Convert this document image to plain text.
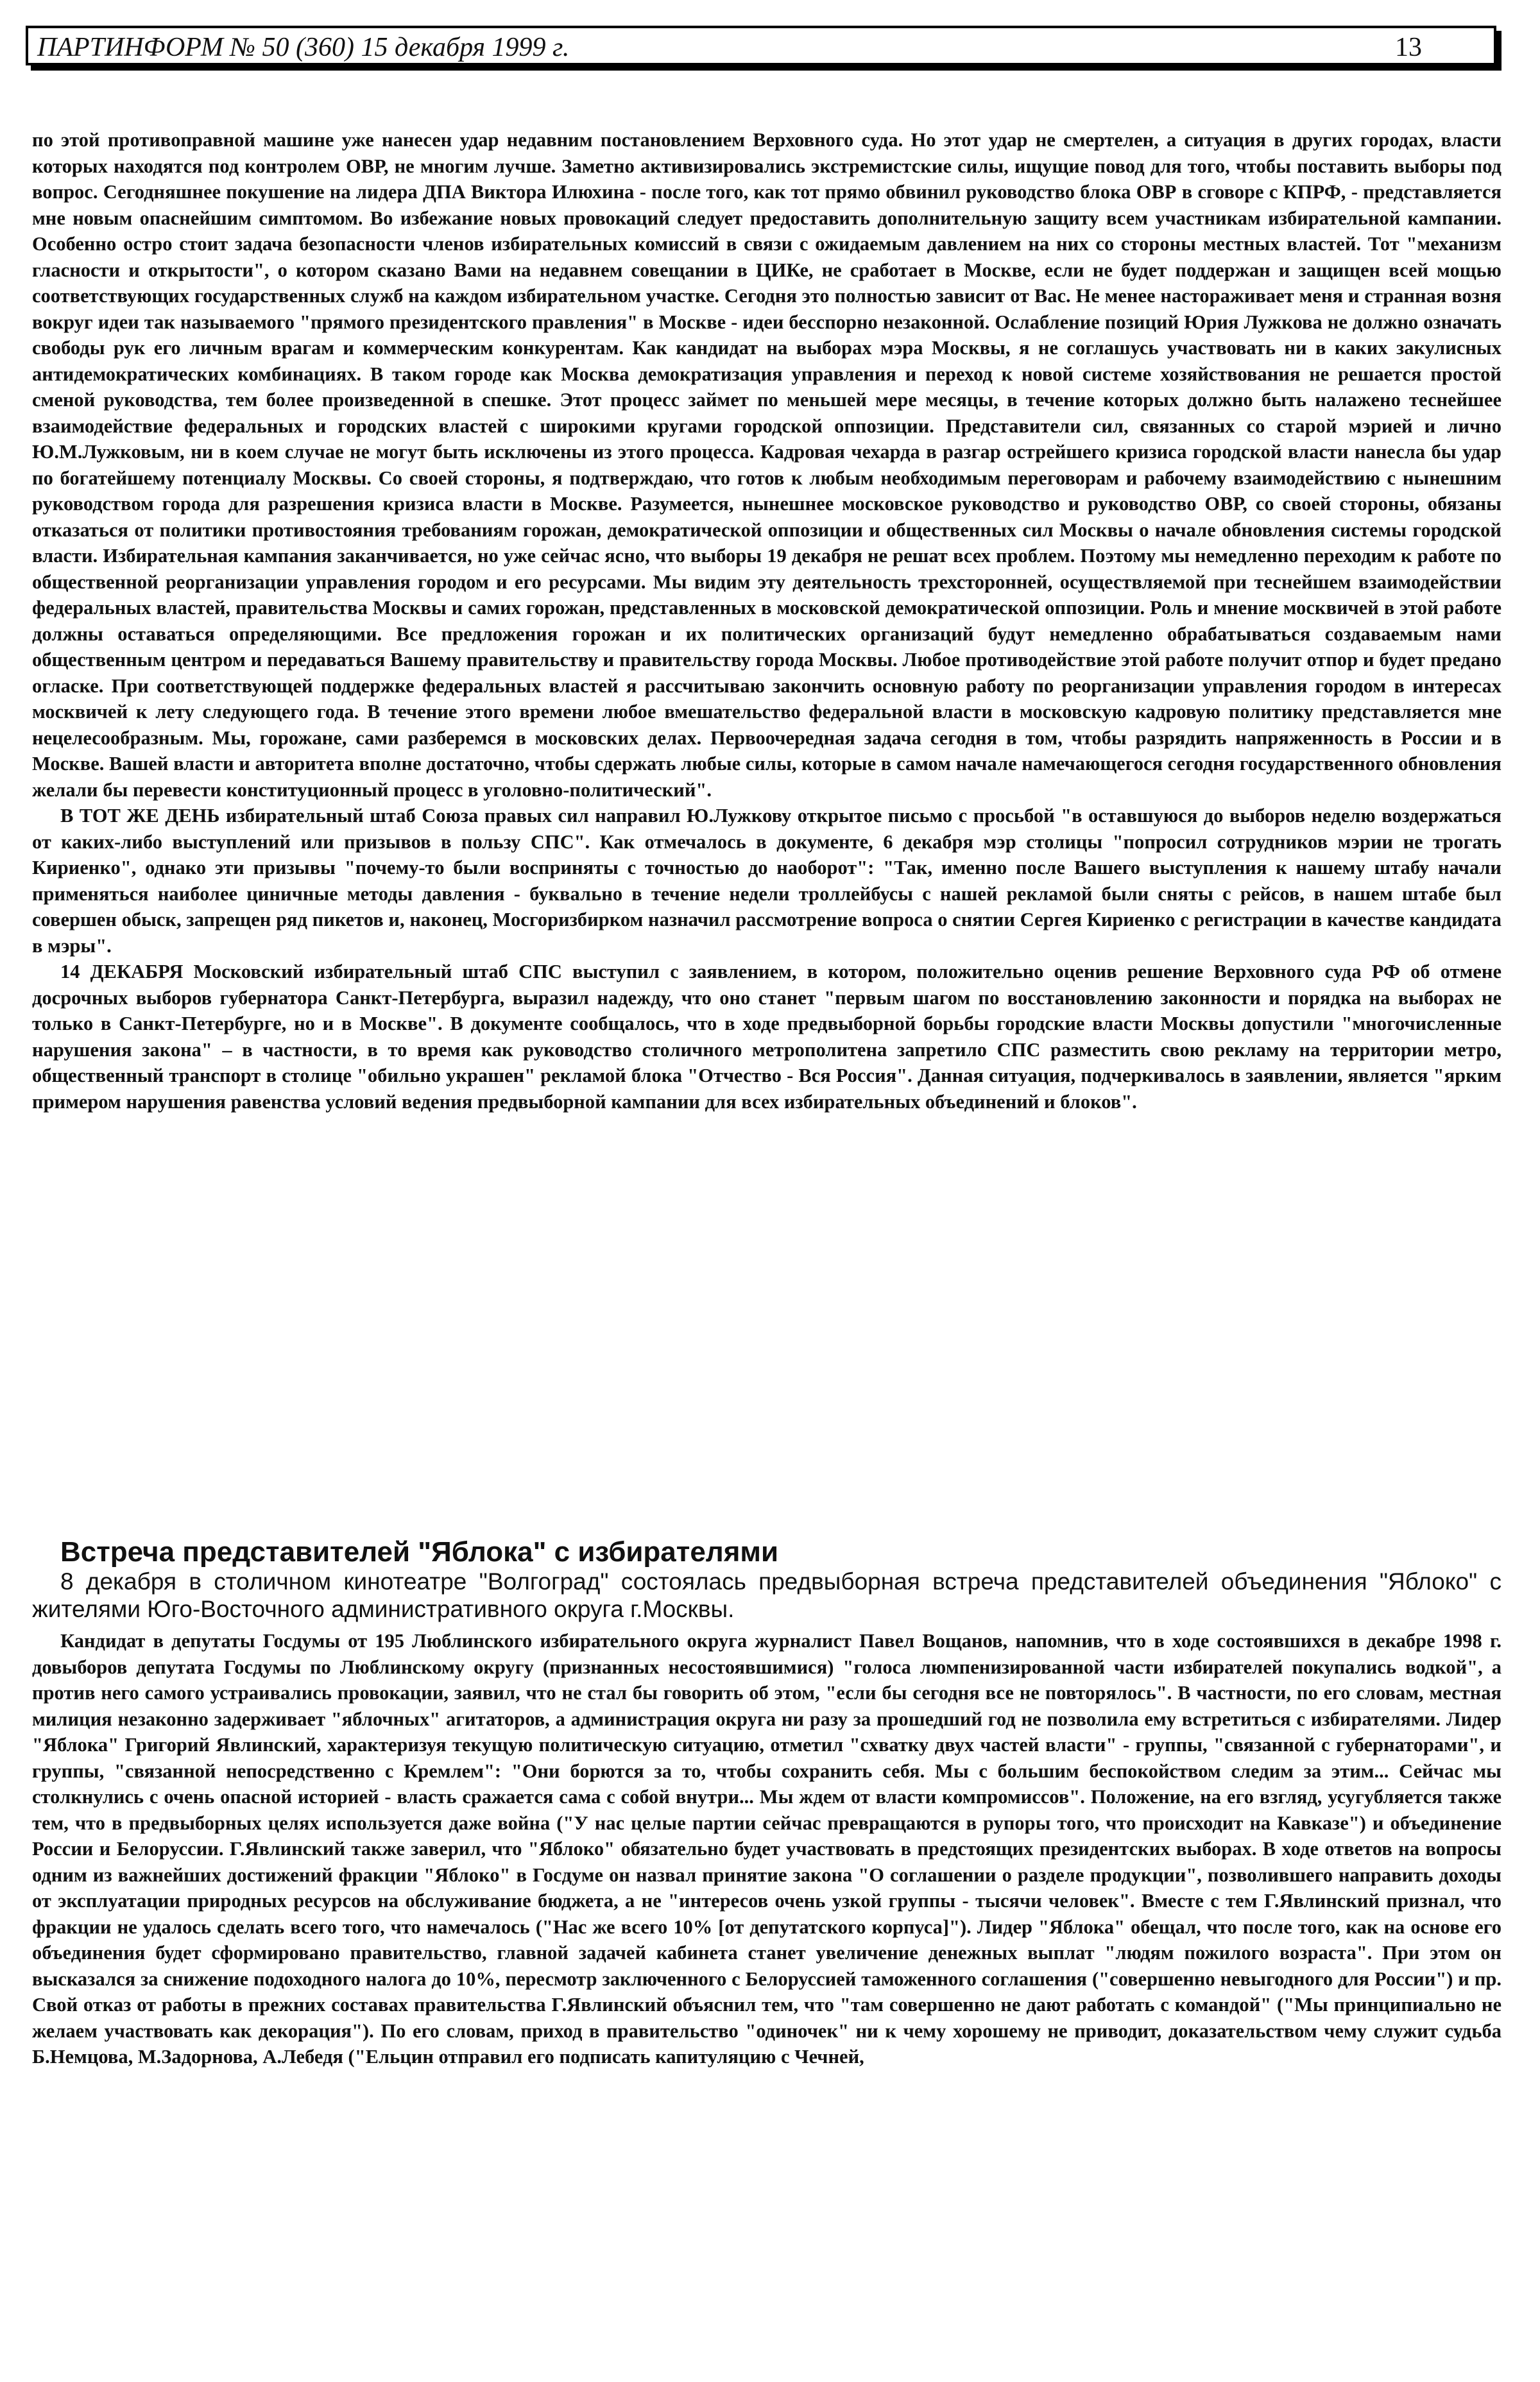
ПАРТИНФОРМ № 50 (360) 15 декабря 1999 г.	13

по этой противоправной машине уже нанесен удар недавним постановлением Верховного суда. Но этот удар не смертелен, а ситуация в других городах, власти которых находятся под контролем ОВР, не многим лучше. Заметно активизировались экстремистские силы, ищущие повод для того, чтобы поставить выборы под вопрос. Сегодняшнее покушение на лидера ДПА Виктора Илюхина - после того, как тот прямо обвинил руководство блока ОВР в сговоре с КПРФ, - представляется мне новым опаснейшим симптомом. Во избежание новых провокаций следует предоставить дополнительную защиту всем участникам избирательной кампании. Особенно остро стоит задача безопасности членов избирательных комиссий в связи с ожидаемым давлением на них со стороны местных властей. Тот "механизм гласности и открытости", о котором сказано Вами на недавнем совещании в ЦИКе, не сработает в Москве, если не будет поддержан и защищен всей мощью соответствующих государственных служб на каждом избирательном участке. Сегодня это полностью зависит от Вас. Не менее настораживает меня и странная возня вокруг идеи так называемого "прямого президентского правления" в Москве - идеи бесспорно незаконной. Ослабление позиций Юрия Лужкова не должно означать свободы рук его личным врагам и коммерческим конкурентам. Как кандидат на выборах мэра Москвы, я не соглашусь участвовать ни в каких закулисных антидемократических комбинациях. В таком городе как Москва демократизация управления и переход к новой системе хозяйствования не решается простой сменой руководства, тем более произведенной в спешке. Этот процесс займет по меньшей мере месяцы, в течение которых должно быть налажено теснейшее взаимодействие федеральных и городских властей с широкими кругами городской оппозиции. Представители сил, связанных со старой мэрией и лично Ю.М.Лужковым, ни в коем случае не могут быть исключены из этого процесса. Кадровая чехарда в разгар острейшего кризиса городской власти нанесла бы удар по богатейшему потенциалу Москвы. Со своей стороны, я подтверждаю, что готов к любым необходимым переговорам и рабочему взаимодействию с нынешним руководством города для разрешения кризиса власти в Москве. Разумеется, нынешнее московское руководство и руководство ОВР, со своей стороны, обязаны отказаться от политики противостояния требованиям горожан, демократической оппозиции и общественных сил Москвы о начале обновления системы городской власти. Избирательная кампания заканчивается, но уже сейчас ясно, что выборы 19 декабря не решат всех проблем. Поэтому мы немедленно переходим к работе по общественной реорганизации управления городом и его ресурсами. Мы видим эту деятельность трехсторонней, осуществляемой при теснейшем взаимодействии федеральных властей, правительства Москвы и самих горожан, представленных в московской демократической оппозиции. Роль и мнение москвичей в этой работе должны оставаться определяющими. Все предложения горожан и их политических организаций будут немедленно обрабатываться создаваемым нами общественным центром и передаваться Вашему правительству и правительству города Москвы. Любое противодействие этой работе получит отпор и будет предано огласке. При соответствующей поддержке федеральных властей я рассчитываю закончить основную работу по реорганизации управления городом в интересах москвичей к лету следующего года. В течение этого времени любое вмешательство федеральной власти в московскую кадровую политику представляется мне нецелесообразным. Мы, горожане, сами разберемся в московских делах. Первоочередная задача сегодня в том, чтобы разрядить напряженность в России и в Москве. Вашей власти и авторитета вполне достаточно, чтобы сдержать любые силы, которые в самом начале намечающегося сегодня государственного обновления желали бы перевести конституционный процесс в уголовно-политический".

В ТОТ ЖЕ ДЕНЬ избирательный штаб Союза правых сил направил Ю.Лужкову открытое письмо с просьбой "в оставшуюся до выборов неделю воздержаться от каких-либо выступлений или призывов в пользу СПС". Как отмечалось в документе, 6 декабря мэр столицы "попросил сотрудников мэрии не трогать Кириенко", однако эти призывы "почему-то были восприняты с точностью до наоборот": "Так, именно после Вашего выступления к нашему штабу начали применяться наиболее циничные методы давления - буквально в течение недели троллейбусы с нашей рекламой были сняты с рейсов, в нашем штабе был совершен обыск, запрещен ряд пикетов и, наконец, Мосгоризбирком назначил рассмотрение вопроса о снятии Сергея Кириенко с регистрации в качестве кандидата в мэры".

14 ДЕКАБРЯ Московский избирательный штаб СПС выступил с заявлением, в котором, положительно оценив решение Верховного суда РФ об отмене досрочных выборов губернатора Санкт-Петербурга, выразил надежду, что оно станет "первым шагом по восстановлению законности и порядка на выборах не только в Санкт-Петербурге, но и в Москве". В документе сообщалось, что в ходе предвыборной борьбы городские власти Москвы допустили "многочисленные нарушения закона" – в частности, в то время как руководство столичного метрополитена запретило СПС разместить свою рекламу на территории метро, общественный транспорт в столице "обильно украшен" рекламой блока "Отчество - Вся Россия". Данная ситуация, подчеркивалось в заявлении, является "ярким примером нарушения равенства условий ведения предвыборной кампании для всех избирательных объединений и блоков".

Встреча представителей "Яблока" с избирателями

8 декабря в столичном кинотеатре "Волгоград" состоялась предвыборная встреча представителей объединения "Яблоко" с жителями Юго-Восточного административного округа г.Москвы.

Кандидат в депутаты Госдумы от 195 Люблинского избирательного округа журналист Павел Вощанов, напомнив, что в ходе состоявшихся в декабре 1998 г. довыборов депутата Госдумы по Люблинскому округу (признанных несостоявшимися) "голоса люмпенизированной части избирателей покупались водкой", а против него самого устраивались провокации, заявил, что не стал бы говорить об этом, "если бы сегодня все не повторялось". В частности, по его словам, местная милиция незаконно задерживает "яблочных" агитаторов, а администрация округа ни разу за прошедший год не позволила ему встретиться с избирателями. Лидер "Яблока" Григорий Явлинский, характеризуя текущую политическую ситуацию, отметил "схватку двух частей власти" - группы, "связанной с губернаторами", и группы, "связанной непосредственно с Кремлем": "Они борются за то, чтобы сохранить себя. Мы с большим беспокойством следим за этим... Сейчас мы столкнулись с очень опасной историей - власть сражается сама с собой внутри... Мы ждем от власти компромиссов". Положение, на его взгляд, усугубляется также тем, что в предвыборных целях используется даже война ("У нас целые партии сейчас превращаются в рупоры того, что происходит на Кавказе") и объединение России и Белоруссии. Г.Явлинский также заверил, что "Яблоко" обязательно будет участвовать в предстоящих президентских выборах. В ходе ответов на вопросы одним из важнейших достижений фракции "Яблоко" в Госдуме он назвал принятие закона "О соглашении о разделе продукции", позволившего направить доходы от эксплуатации природных ресурсов на обслуживание бюджета, а не "интересов очень узкой группы - тысячи человек". Вместе с тем Г.Явлинский признал, что фракции не удалось сделать всего того, что намечалось ("Нас же всего 10% [от депутатского корпуса]"). Лидер "Яблока" обещал, что после того, как на основе его объединения будет сформировано правительство, главной задачей кабинета станет увеличение денежных выплат "людям пожилого возраста". При этом он высказался за снижение подоходного налога до 10%, пересмотр заключенного с Белоруссией таможенного соглашения ("совершенно невыгодного для России") и пр. Свой отказ от работы в прежних составах правительства Г.Явлинский объяснил тем, что "там совершенно не дают работать с командой" ("Мы принципиально не желаем участвовать как декорация"). По его словам, приход в правительство "одиночек" ни к чему хорошему не приводит, доказательством чему служит судьба Б.Немцова, М.Задорнова, А.Лебедя ("Ельцин отправил его подписать капитуляцию с Чечней,
